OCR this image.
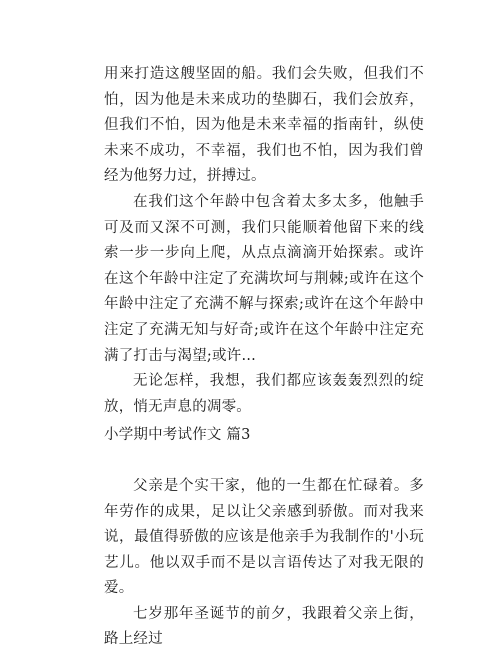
用来打造这艘坚固的船。我们会失败，但我们不怕，因为他是未来成功的垫脚石，我们会放弃，但我们不怕，因为他是未来幸福的指南针，纵使未来不成功，不幸福，我们也不怕，因为我们曾经为他努力过，拼搏过。

在我们这个年龄中包含着太多太多，他触手可及而又深不可测，我们只能顺着他留下来的线索一步一步向上爬，从点点滴滴开始探索。或许在这个年龄中注定了充满坎坷与荆棘;或许在这个年龄中注定了充满不解与探索;或许在这个年龄中注定了充满无知与好奇;或许在这个年龄中注定充满了打击与渴望;或许…

无论怎样，我想，我们都应该轰轰烈烈的绽放，悄无声息的凋零。

小学期中考试作文 篇3

父亲是个实干家，他的一生都在忙碌着。多年劳作的成果，足以让父亲感到骄傲。而对我来说，最值得骄傲的应该是他亲手为我制作的'小玩艺儿。他以双手而不是以言语传达了对我无限的爱。

七岁那年圣诞节的前夕，我跟着父亲上街，路上经过
